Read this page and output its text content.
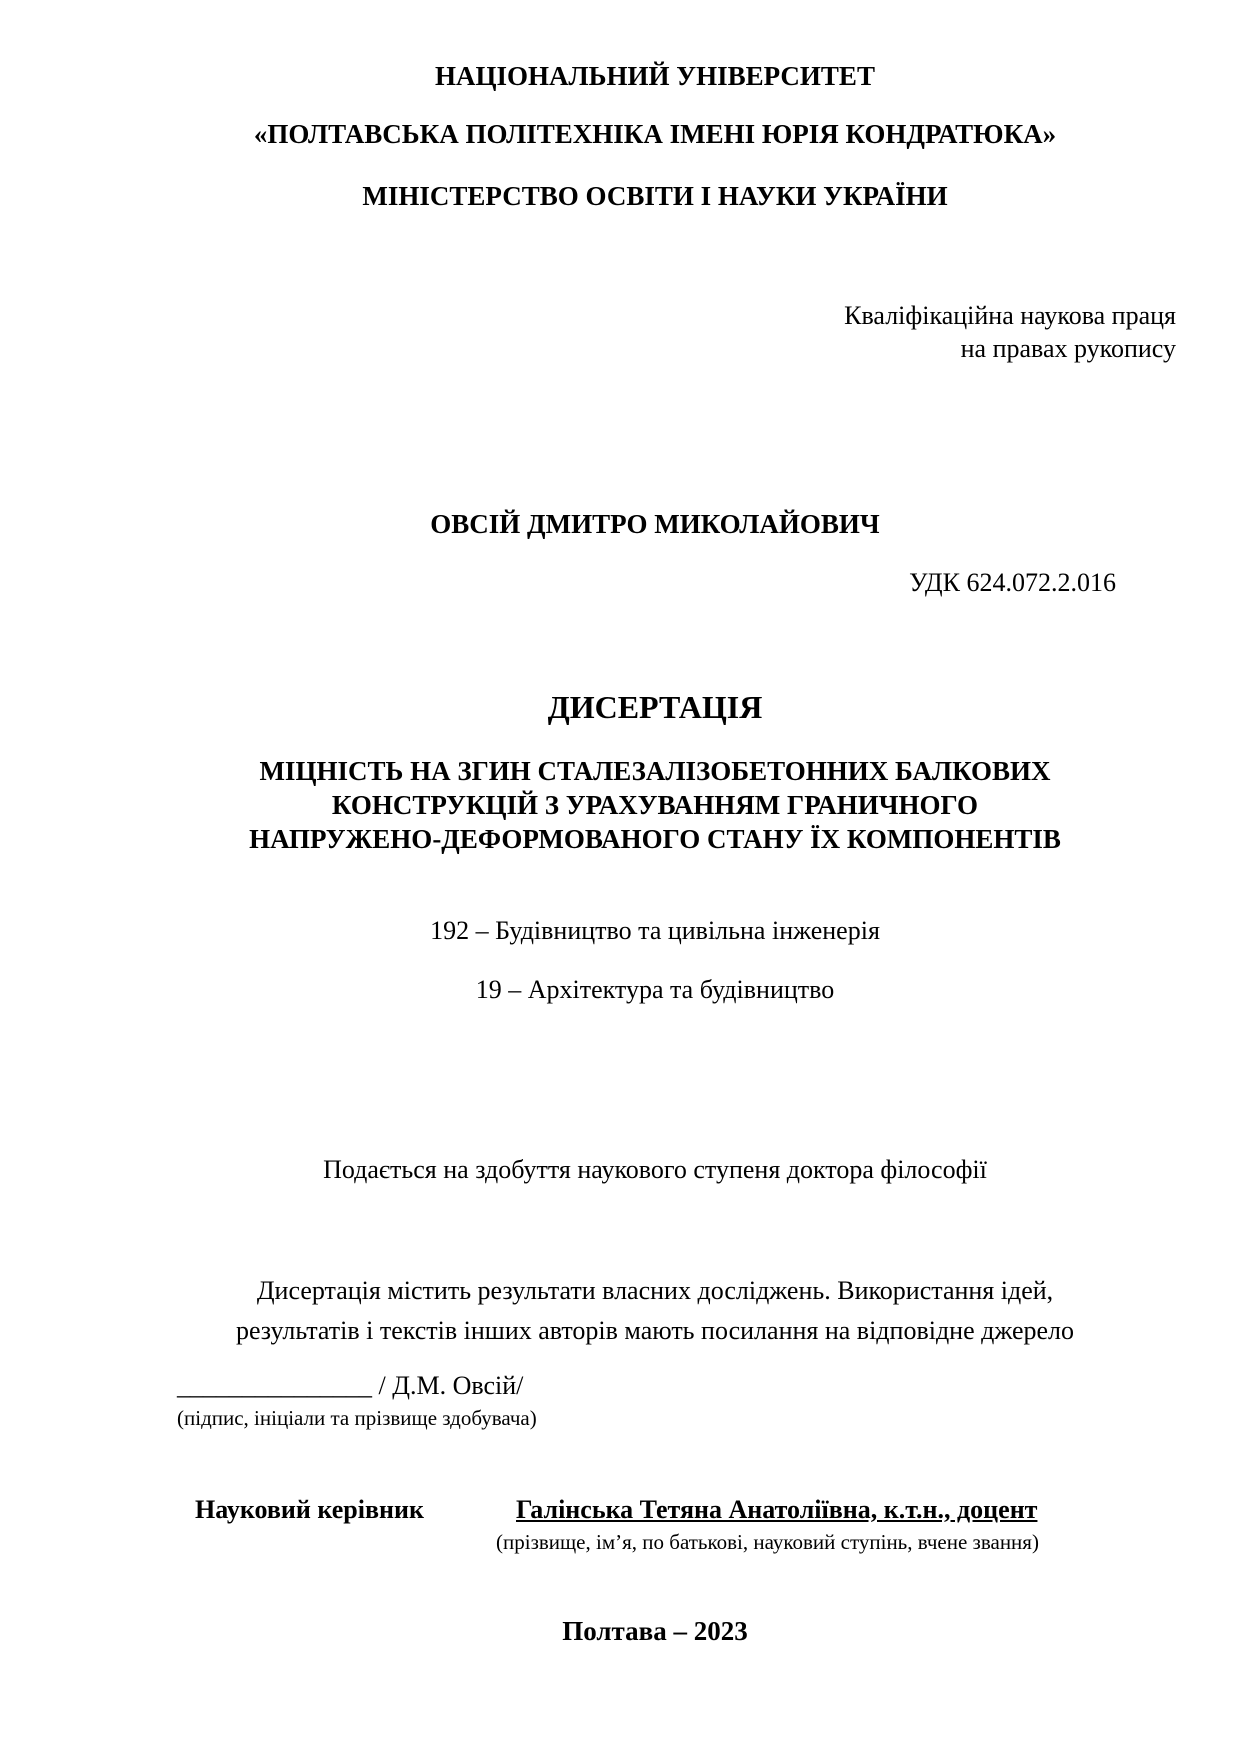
НАЦІОНАЛЬНИЙ УНІВЕРСИТЕТ
«ПОЛТАВСЬКА ПОЛІТЕХНІКА ІМЕНІ ЮРІЯ КОНДРАТЮКА»
МІНІСТЕРСТВО ОСВІТИ І НАУКИ УКРАЇНИ
Кваліфікаційна наукова праця
на правах рукопису
ОВСІЙ ДМИТРО МИКОЛАЙОВИЧ
УДК 624.072.2.016
ДИСЕРТАЦІЯ
МІЦНІСТЬ НА ЗГИН СТАЛЕЗАЛІЗОБЕТОННИХ БАЛКОВИХ
КОНСТРУКЦІЙ З УРАХУВАННЯМ ГРАНИЧНОГО
НАПРУЖЕНО-ДЕФОРМОВАНОГО СТАНУ ЇХ КОМПОНЕНТІВ
192 – Будівництво та цивільна інженерія
19 – Архітектура та будівництво
Подається на здобуття наукового ступеня доктора філософії
Дисертація містить результати власних досліджень. Використання ідей,
результатів і текстів інших авторів мають посилання на відповідне джерело
_______________ / Д.М. Овсій/
(підпис, ініціали та прізвище здобувача)
Науковий керівник	Галінська Тетяна Анатоліївна, к.т.н., доцент
(прізвище, ім’я, по батькові, науковий ступінь, вчене звання)
Полтава – 2023
